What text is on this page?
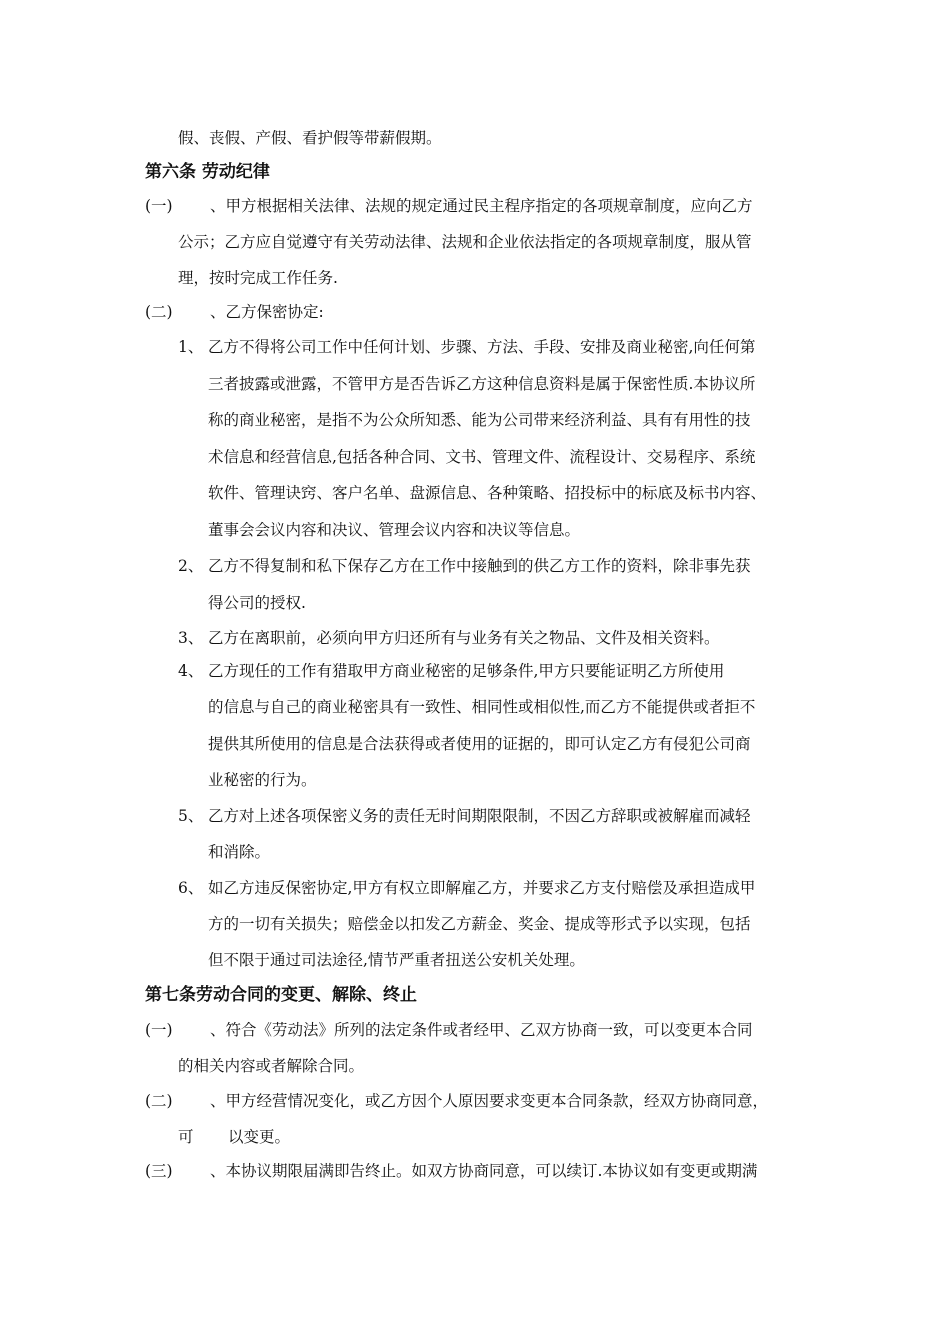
假、丧假、产假、看护假等带薪假期。
第六条 劳动纪律
(一) 、甲方根据相关法律、法规的规定通过民主程序指定的各项规章制度，应向乙方
公示；乙方应自觉遵守有关劳动法律、法规和企业依法指定的各项规章制度，服从管
理，按时完成工作任务.
(二) 、乙方保密协定:
1、 乙方不得将公司工作中任何计划、步骤、方法、手段、安排及商业秘密,向任何第
三者披露或泄露，不管甲方是否告诉乙方这种信息资料是属于保密性质.本协议所
称的商业秘密，是指不为公众所知悉、能为公司带来经济利益、具有有用性的技
术信息和经营信息,包括各种合同、文书、管理文件、流程设计、交易程序、系统
软件、管理诀窍、客户名单、盘源信息、各种策略、招投标中的标底及标书内容、
董事会会议内容和决议、管理会议内容和决议等信息。
2、 乙方不得复制和私下保存乙方在工作中接触到的供乙方工作的资料，除非事先获
得公司的授权.
3、 乙方在离职前，必须向甲方归还所有与业务有关之物品、文件及相关资料。
4、 乙方现任的工作有猎取甲方商业秘密的足够条件,甲方只要能证明乙方所使用
的信息与自己的商业秘密具有一致性、相同性或相似性,而乙方不能提供或者拒不
提供其所使用的信息是合法获得或者使用的证据的，即可认定乙方有侵犯公司商
业秘密的行为。
5、 乙方对上述各项保密义务的责任无时间期限限制，不因乙方辞职或被解雇而减轻
和消除。
6、 如乙方违反保密协定,甲方有权立即解雇乙方，并要求乙方支付赔偿及承担造成甲
方的一切有关损失；赔偿金以扣发乙方薪金、奖金、提成等形式予以实现，包括
但不限于通过司法途径,情节严重者扭送公安机关处理。
第七条劳动合同的变更、解除、终止
(一) 、符合《劳动法》所列的法定条件或者经甲、乙双方协商一致，可以变更本合同
的相关内容或者解除合同。
(二) 、甲方经营情况变化，或乙方因个人原因要求变更本合同条款，经双方协商同意，
可 以变更。
(三) 、本协议期限届满即告终止。如双方协商同意，可以续订.本协议如有变更或期满
